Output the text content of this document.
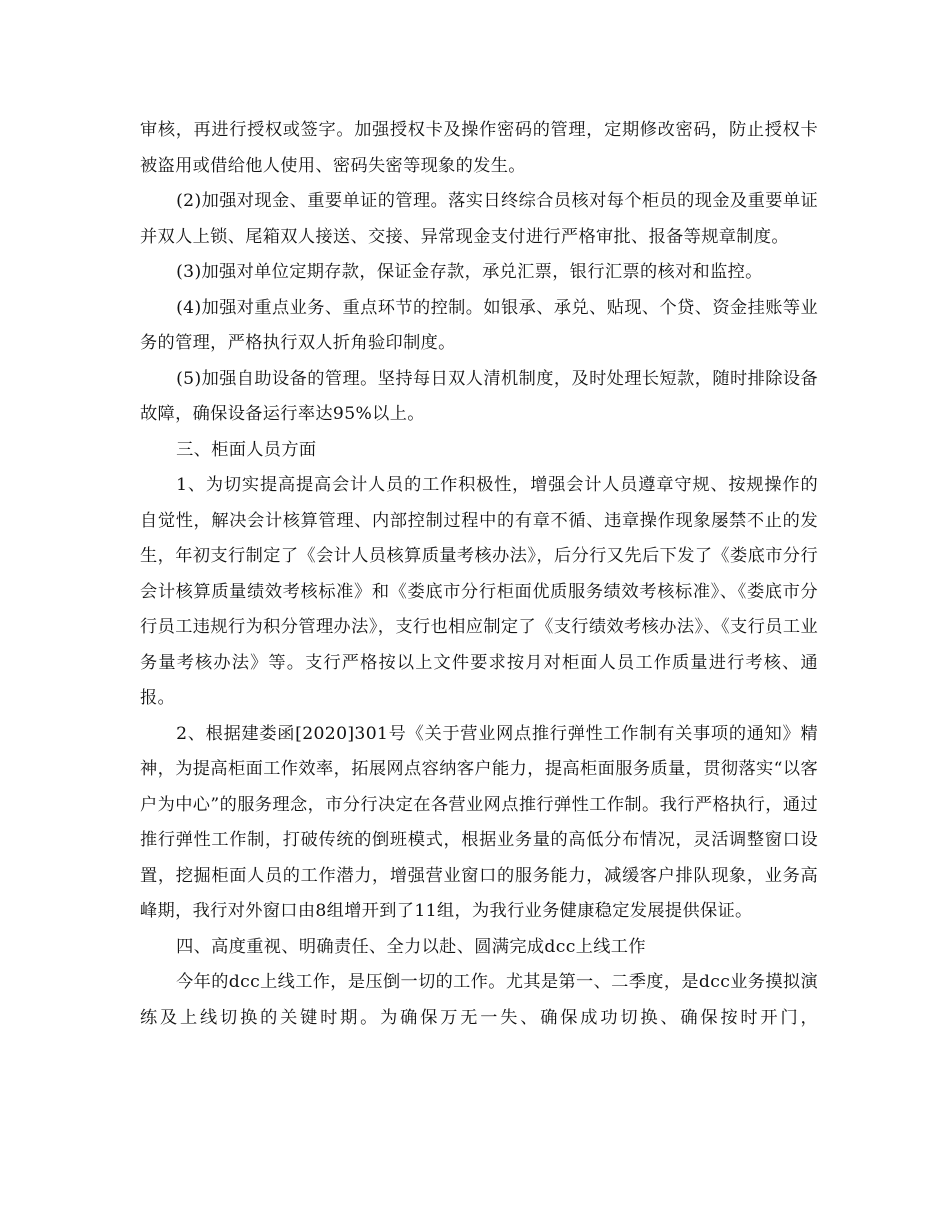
审核，再进行授权或签字。加强授权卡及操作密码的管理，定期修改密码，防止授权卡被盗用或借给他人使用、密码失密等现象的发生。

(2)加强对现金、重要单证的管理。落实日终综合员核对每个柜员的现金及重要单证并双人上锁、尾箱双人接送、交接、异常现金支付进行严格审批、报备等规章制度。

(3)加强对单位定期存款，保证金存款，承兑汇票，银行汇票的核对和监控。

(4)加强对重点业务、重点环节的控制。如银承、承兑、贴现、个贷、资金挂账等业务的管理，严格执行双人折角验印制度。

(5)加强自助设备的管理。坚持每日双人清机制度，及时处理长短款，随时排除设备故障，确保设备运行率达95%以上。

三、柜面人员方面

1、为切实提高提高会计人员的工作积极性，增强会计人员遵章守规、按规操作的自觉性，解决会计核算管理、内部控制过程中的有章不循、违章操作现象屡禁不止的发生，年初支行制定了《会计人员核算质量考核办法》，后分行又先后下发了《娄底市分行会计核算质量绩效考核标准》和《娄底市分行柜面优质服务绩效考核标准》、《娄底市分行员工违规行为积分管理办法》，支行也相应制定了《支行绩效考核办法》、《支行员工业务量考核办法》等。支行严格按以上文件要求按月对柜面人员工作质量进行考核、通报。

2、根据建娄函[2020]301号《关于营业网点推行弹性工作制有关事项的通知》精神，为提高柜面工作效率，拓展网点容纳客户能力，提高柜面服务质量，贯彻落实“以客户为中心”的服务理念，市分行决定在各营业网点推行弹性工作制。我行严格执行，通过推行弹性工作制，打破传统的倒班模式，根据业务量的高低分布情况，灵活调整窗口设置，挖掘柜面人员的工作潜力，增强营业窗口的服务能力，减缓客户排队现象，业务高峰期，我行对外窗口由8组增开到了11组，为我行业务健康稳定发展提供保证。

四、高度重视、明确责任、全力以赴、圆满完成dcc上线工作

今年的dcc上线工作，是压倒一切的工作。尤其是第一、二季度，是dcc业务摸拟演练及上线切换的关键时期。为确保万无一失、确保成功切换、确保按时开门，
